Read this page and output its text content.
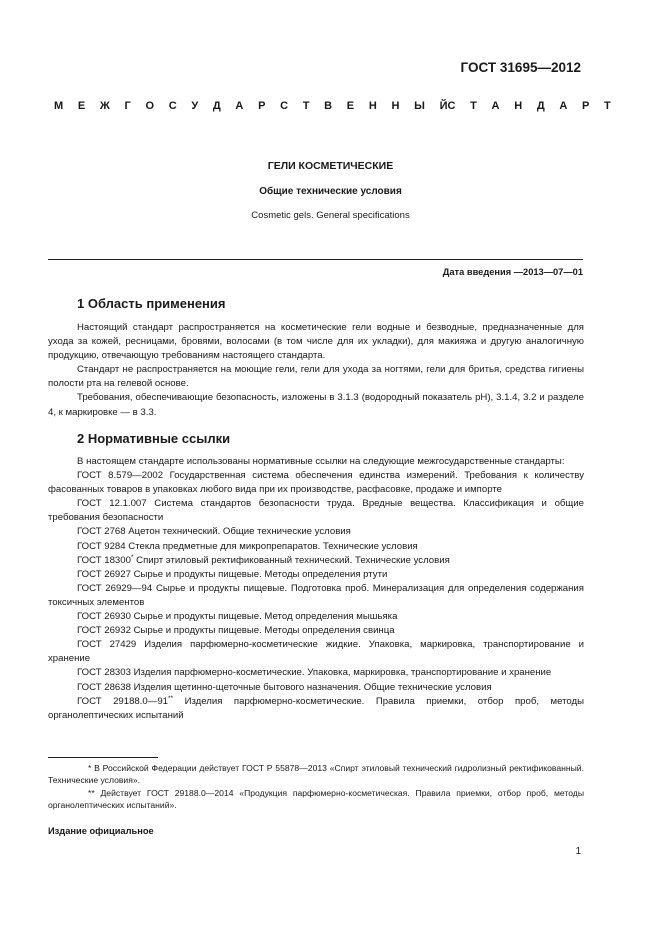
ГОСТ 31695—2012
М Е Ж Г О С У Д А Р С Т В Е Н Н Ы Й С Т А Н Д А Р Т
ГЕЛИ КОСМЕТИЧЕСКИЕ
Общие технические условия
Cosmetic gels. General specifications
Дата введения —2013—07—01
1 Область применения

Настоящий стандарт распространяется на косметические гели водные и безводные, предназначенные для ухода за кожей, ресницами, бровями, волосами (в том числе для их укладки), для макияжа и другую аналогичную продукцию, отвечающую требованиям настоящего стандарта.

Стандарт не распространяется на моющие гели, гели для ухода за ногтями, гели для бритья, средства гигиены полости рта на гелевой основе.

Требования, обеспечивающие безопасность, изложены в 3.1.3 (водородный показатель рН), 3.1.4, 3.2 и разделе 4, к маркировке — в 3.3.

2 Нормативные ссылки

В настоящем стандарте использованы нормативные ссылки на следующие межгосударственные стандарты:

ГОСТ 8.579—2002 Государственная система обеспечения единства измерений. Требования к количеству фасованных товаров в упаковках любого вида при их производстве, расфасовке, продаже и импорте

ГОСТ 12.1.007 Система стандартов безопасности труда. Вредные вещества. Классификация и общие требования безопасности

ГОСТ 2768 Ацетон технический. Общие технические условия

ГОСТ 9284 Стекла предметные для микропрепаратов. Технические условия

ГОСТ 18300* Спирт этиловый ректификованный технический. Технические условия

ГОСТ 26927 Сырье и продукты пищевые. Методы определения ртути

ГОСТ 26929—94 Сырье и продукты пищевые. Подготовка проб. Минерализация для определения содержания токсичных элементов

ГОСТ 26930 Сырье и продукты пищевые. Метод определения мышьяка

ГОСТ 26932 Сырье и продукты пищевые. Методы определения свинца

ГОСТ 27429 Изделия парфюмерно-косметические жидкие. Упаковка, маркировка, транспортирование и хранение

ГОСТ 28303 Изделия парфюмерно-косметические. Упаковка, маркировка, транспортирование и хранение

ГОСТ 28638 Изделия щетинно-щеточные бытового назначения. Общие технические условия

ГОСТ 29188.0—91** Изделия парфюмерно-косметические. Правила приемки, отбор проб, методы органолептических испытаний

* В Российской Федерации действует ГОСТ Р 55878—2013 «Спирт этиловый технический гидролизный ректификованный. Технические условия».

** Действует ГОСТ 29188.0—2014 «Продукция парфюмерно-косметическая. Правила приемки, отбор проб, методы органолептических испытаний».

Издание официальное
1
